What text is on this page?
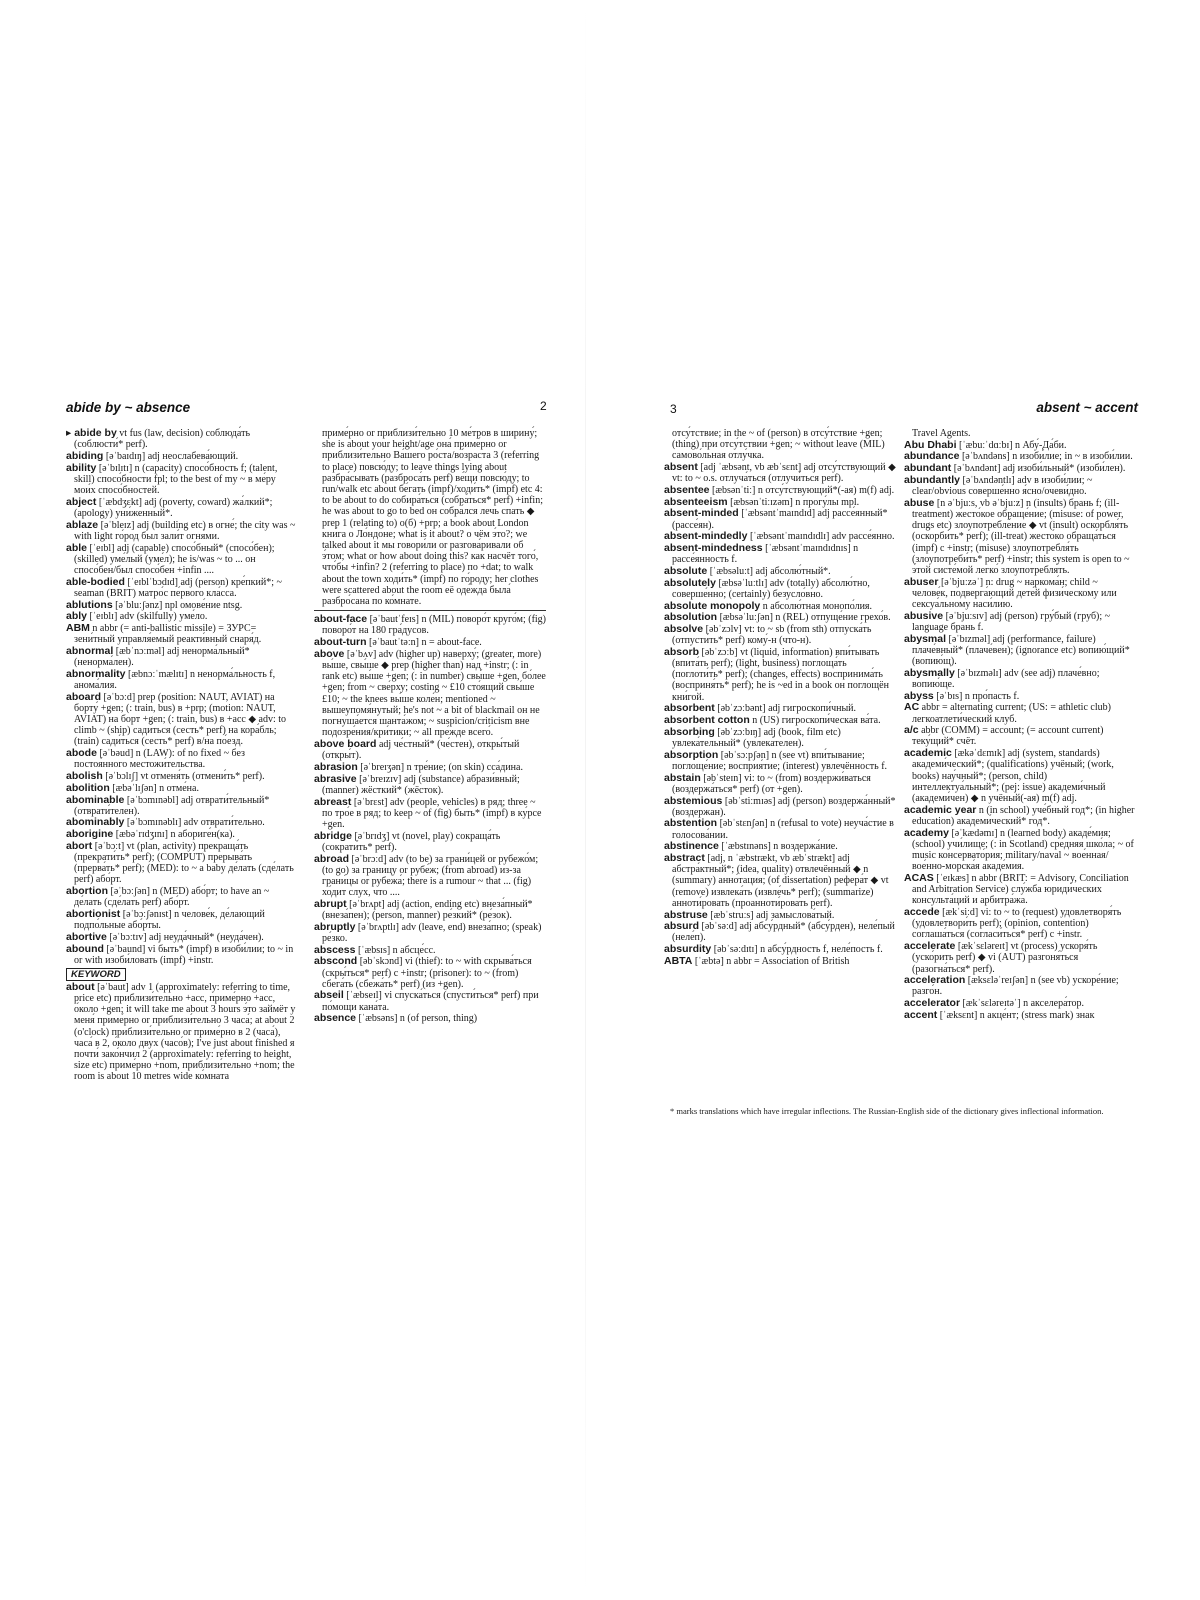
abide by ~ absence	2
▸ abide by vt fus (law, decision) соблюда́ть (соблюсти́* perf).
abiding [əˈbaɪdɪŋ] adj неослабева́ющий.
ability [əˈbɪlɪtɪ] n (capacity) спосо́бность f; (talent, skill) спосо́бности fpl; to the best of my ~ в ме́ру мои́х спосо́бностей.
abject [ˈæbdʒɛkt] adj (poverty, coward) жа́лкий*; (apology) уни́женный*.
ablaze [əˈbleɪz] adj (building etc) в огне́; the city was ~ with light го́род был зали́т огня́ми.
able [ˈeɪbl] adj (capable) спосо́бный* (спосо́бен); (skilled) уме́лый (уме́л); he is/was ~ to ... он спосо́бен/был спосо́бен +infin ....
able-bodied [ˈeɪblˈbɔdɪd] adj (person) кре́пкий*; ~ seaman (BRIT) матро́с пе́рвого кла́сса.
ablutions [əˈbluːʃənz] npl омове́ние ntsg.
ably [ˈeɪblɪ] adv (skilfully) уме́ло.
ABM n abbr (= anti-ballistic missile) = ЗУРС= зени́тный управля́емый реакти́вный снаря́д.
abnormal [æbˈnɔːməl] adj ненорма́льный* (ненорма́лен).
abnormality [æbnɔːˈmælɪtɪ] n ненорма́льность f, анома́лия.
aboard [əˈbɔːd] prep (position: NAUT, AVIAT) на борту́ +gen; (: train, bus) в +prp; (motion: NAUT, AVIAT) на борт +gen; (: train, bus) в +acc ◆ adv: to climb ~ (ship) сади́ться (сесть* perf) на кора́бль; (train) сади́ться (сесть* perf) в/на по́езд.
abode [əˈbəud] n (LAW): of no fixed ~ без постоя́нного местожи́тельства.
abolish [əˈbɔlɪʃ] vt отменя́ть (отмени́ть* perf).
abolition [æbəˈlɪʃən] n отме́на.
abominable [əˈbɔmɪnəbl] adj отврати́тельный* (отврати́телен).
abominably [əˈbɔmɪnəblɪ] adv отврати́тельно.
aborigine [æbəˈrɪdʒɪnɪ] n абориге́н(ка).
abort [əˈbɔːt] vt (plan, activity) прекраща́ть (прекрати́ть* perf); (COMPUT) прерыва́ть (прерва́ть* perf); (MED): to ~ a baby де́лать (сде́лать perf) або́рт.
abortion [əˈbɔːʃən] n (MED) або́рт; to have an ~ де́лать (сде́лать perf) або́рт.
abortionist [əˈbɔːʃənɪst] n челове́к, де́лающий подпо́льные або́рты.
abortive [əˈbɔːtɪv] adj неуда́чный* (неуда́чен).
abound [əˈbaund] vi быть* (impf) в изоби́лии; to ~ in or with изоби́ловать (impf) +instr.
KEYWORD
about [əˈbaut] adv 1 (approximately: referring to time, price etc) приблизи́тельно +acc, приме́рно +acc, о́коло +gen; it will take me about 3 hours э́то займёт у меня́ приме́рно or приблизи́тельно 3 часа́; at about 2 (o'clock) приблизи́тельно or приме́рно в 2 (часа́), часа́ в 2, о́коло двух (часо́в); I've just about finished я почти́ зако́нчил 2 (approximately: referring to height, size etc) приме́рно +nom, приблизи́тельно +nom; the room is about 10 metres wide ко́мната
приме́рно or приблизи́тельно 10 ме́тров в ширину́; she is about your height/age она́ приме́рно or приблизи́тельно Ва́шего ро́ста/во́зраста 3 (referring to place) повсю́ду; to leave things lying about разбра́сывать (разброса́ть perf) ве́щи повсю́ду; to run/walk etc about бе́гать (impf)/ходи́ть* (impf) etc 4: to be about to do собира́ться (собра́ться* perf) +infin; he was about to go to bed он собра́лся лечь спать ◆ prep 1 (relating to) о(б) +prp; a book about London кни́га о Ло́ндоне; what is it about? о чём э́то?; we talked about it мы говори́ли or разгова́ривали об э́том; what or how about doing this? как насчёт того́, что́бы +infin? 2 (referring to place) по +dat; to walk about the town ходи́ть* (impf) по го́роду; her clothes were scattered about the room её оде́жда была́ разбро́сана по ко́мнате.
about-face [əˈbautˈfeɪs] n (MIL) поворо́т круго́м; (fig) поворо́т на 180 гра́дусов.
about-turn [əˈbautˈtəːn] n = about-face.
above [əˈbʌv] adv (higher up) наверху́; (greater, more) вы́ше, свы́ше ◆ prep (higher than) над +instr; (: in rank etc) вы́ше +gen; (: in number) свы́ше +gen, бо́лее +gen; from ~ све́рху; costing ~ £10 сто́ящий свы́ше £10; ~ the knees вы́ше коле́н; mentioned ~ вышеупомя́нутый; he's not ~ a bit of blackmail он не погнуша́ется шанта́жом; ~ suspicion/criticism вне подозре́ния/кри́тики; ~ all пре́жде всего́.
above board adj че́стный* (че́стен), откры́тый (откры́т).
abrasion [əˈbreɪʒən] n тре́ние; (on skin) сса́дина.
abrasive [əˈbreɪzɪv] adj (substance) абрази́вный; (manner) жёсткий* (жёсток).
abreast [əˈbrɛst] adv (people, vehicles) в ряд; three ~ по тро́е в ряд; to keep ~ of (fig) быть* (impf) в ку́рсе +gen.
abridge [əˈbrɪdʒ] vt (novel, play) сокраща́ть (сократи́ть* perf).
abroad [əˈbrɔːd] adv (to be) за грани́цей or рубежо́м; (to go) за грани́цу or рубе́ж; (from abroad) из-за грани́цы or рубежа́; there is a rumour ~ that ... (fig) хо́дит слух, что ....
abrupt [əˈbrʌpt] adj (action, ending etc) внеза́пный* (внеза́пен); (person, manner) ре́зкий* (ре́зок).
abruptly [əˈbrʌptlɪ] adv (leave, end) внеза́пно; (speak) ре́зко.
abscess [ˈæbsɪs] n абсце́сс.
abscond [əbˈskɔnd] vi (thief): to ~ with скрыва́ться (скры́ться* perf) с +instr; (prisoner): to ~ (from) сбега́ть (сбежа́ть* perf) (из +gen).
abseil [ˈæbseɪl] vi спуска́ться (спусти́ться* perf) при по́мощи кана́та.
absence [ˈæbsəns] n (of person, thing)
3	absent ~ accent
отсу́тствие; in the ~ of (person) в отсу́тствие +gen; (thing) при отсу́тствии +gen; ~ without leave (MIL) самово́льная отлу́чка.
absent [adj ˈæbsənt, vb æbˈsɛnt] adj отсу́тствующий ◆ vt: to ~ o.s. отлуча́ться (отлучи́ться perf).
absentee [æbsənˈtiː] n отсу́тствующий*(-ая) m(f) adj.
absenteeism [æbsənˈtiːɪzəm] n прогу́лы mpl.
absent-minded [ˈæbsəntˈmaɪndɪd] adj рассе́янный* (рассе́ян).
absent-mindedly [ˈæbsəntˈmaɪndɪdlɪ] adv рассе́янно.
absent-mindedness [ˈæbsəntˈmaɪndɪdnɪs] n рассе́янность f.
absolute [ˈæbsəluːt] adj абсолю́тный*.
absolutely [æbsəˈluːtlɪ] adv (totally) абсолю́тно, соверше́нно; (certainly) безусло́вно.
absolute monopoly n абсолю́тная монопо́лия.
absolution [æbsəˈluːʃən] n (REL) отпуще́ние грехо́в.
absolve [əbˈzɔlv] vt: to ~ sb (from sth) отпуска́ть (отпусти́ть* perf) кому́-н (что-н).
absorb [əbˈzɔːb] vt (liquid, information) впи́тывать (впита́ть perf); (light, business) поглоща́ть (поглоти́ть* perf); (changes, effects) воспринима́ть (восприня́ть* perf); he is ~ed in a book он поглощён кни́гой.
absorbent [əbˈzɔːbənt] adj гигроскопи́чный.
absorbent cotton n (US) гигроскопи́ческая ва́та.
absorbing [əbˈzɔːbɪŋ] adj (book, film etc) увлека́тельный* (увлека́телен).
absorption [əbˈsɔːpʃən] n (see vt) впи́тывание; поглоще́ние; восприя́тие; (interest) увлечённость f.
abstain [əbˈsteɪn] vi: to ~ (from) воздержи́ваться (воздержа́ться* perf) (от +gen).
abstemious [əbˈstiːmɪəs] adj (person) воздержа́нный* (воздержан).
abstention [əbˈstɛnʃən] n (refusal to vote) неуча́стие в голосова́нии.
abstinence [ˈæbstɪnəns] n воздержа́ние.
abstract [adj, n ˈæbstrækt, vb æbˈstrækt] adj абстра́ктный*; (idea, quality) отвлечённый ◆ n (summary) анно́тация; (of dissertation) рефера́т ◆ vt (remove) извлека́ть (извле́чь* perf); (summarize) анноти́ровать (проанноти́ровать perf).
abstruse [æbˈstruːs] adj замыслова́тый.
absurd [əbˈsəːd] adj абсу́рдный* (абсу́рден), неле́пый (неле́п).
absurdity [əbˈsəːdɪtɪ] n абсу́рдность f, неле́пость f.
ABTA [ˈæbtə] n abbr = Association of British
Travel Agents.
Abu Dhabi [ˈæbuːˈdɑːbɪ] n Абу́-Да́би.
abundance [əˈbʌndəns] n изоби́лие; in ~ в изоби́лии.
abundant [əˈbʌndənt] adj изоби́льный* (изоби́лен).
abundantly [əˈbʌndəntlɪ] adv в изоби́лии; ~ clear/obvious соверше́нно я́сно/очеви́дно.
abuse [n əˈbjuːs, vb əˈbjuːz] n (insults) брань f; (ill-treatment) жесто́кое обраще́ние; (misuse: of power, drugs etc) злоупотребле́ние ◆ vt (insult) оскорбля́ть (оскорби́ть* perf); (ill-treat) жесто́ко обраща́ться (impf) с +instr; (misuse) злоупотребля́ть (злоупотреби́ть* perf) +instr; this system is open to ~ э́той систе́мой легко́ злоупотребля́ть.
abuser [əˈbjuːzəˈ] n: drug ~ наркома́н; child ~ челове́к, подверга́ющий дете́й физи́ческому или сексуа́льному наси́лию.
abusive [əˈbjuːsɪv] adj (person) гру́бый (груб); ~ language брань f.
abysmal [əˈbɪzməl] adj (performance, failure) плаче́вный* (плаче́вен); (ignorance etc) вопию́щий* (вопию́щ).
abysmally [əˈbɪzməlɪ] adv (see adj) плаче́вно; вопию́ще.
abyss [əˈbɪs] n про́пасть f.
AC abbr = alternating current; (US: = athletic club) легкоатлети́ческий клуб.
a/c abbr (COMM) = account; (= account current) теку́щий* счёт.
academic [ækəˈdɛmɪk] adj (system, standards) академи́ческий*; (qualifications) учёный; (work, books) нау́чный*; (person, child) интеллектуа́льный*; (pej: issue) академи́чный (академи́чен) ◆ n учёный(-ая) m(f) adj.
academic year n (in school) уче́бный год*; (in higher education) академи́ческий* год*.
academy [əˈkædəmɪ] n (learned body) акаде́мия; (school) учи́лище; (: in Scotland) сре́дняя шко́ла; ~ of music консервато́рия; military/naval ~ вое́нная/вое́нно-морска́я акаде́мия.
ACAS [ˈeɪkæs] n abbr (BRIT: = Advisory, Conciliation and Arbitration Service) слу́жба юриди́ческих консульта́ций и арбитра́жа.
accede [ækˈsiːd] vi: to ~ to (request) удовлетворя́ть (удовлетвори́ть perf); (opinion, contention) соглаша́ться (согласи́ться* perf) с +instr.
accelerate [ækˈsɛləreɪt] vt (process) ускоря́ть (уско́рить perf) ◆ vi (AUT) разгоня́ться (разогна́ться* perf).
acceleration [æksɛləˈreɪʃən] n (see vb) ускоре́ние; разго́н.
accelerator [ækˈsɛləreɪtəˈ] n акселера́тор.
accent [ˈæksɛnt] n акце́нт; (stress mark) знак
* marks translations which have irregular inflections. The Russian-English side of the dictionary gives inflectional information.
